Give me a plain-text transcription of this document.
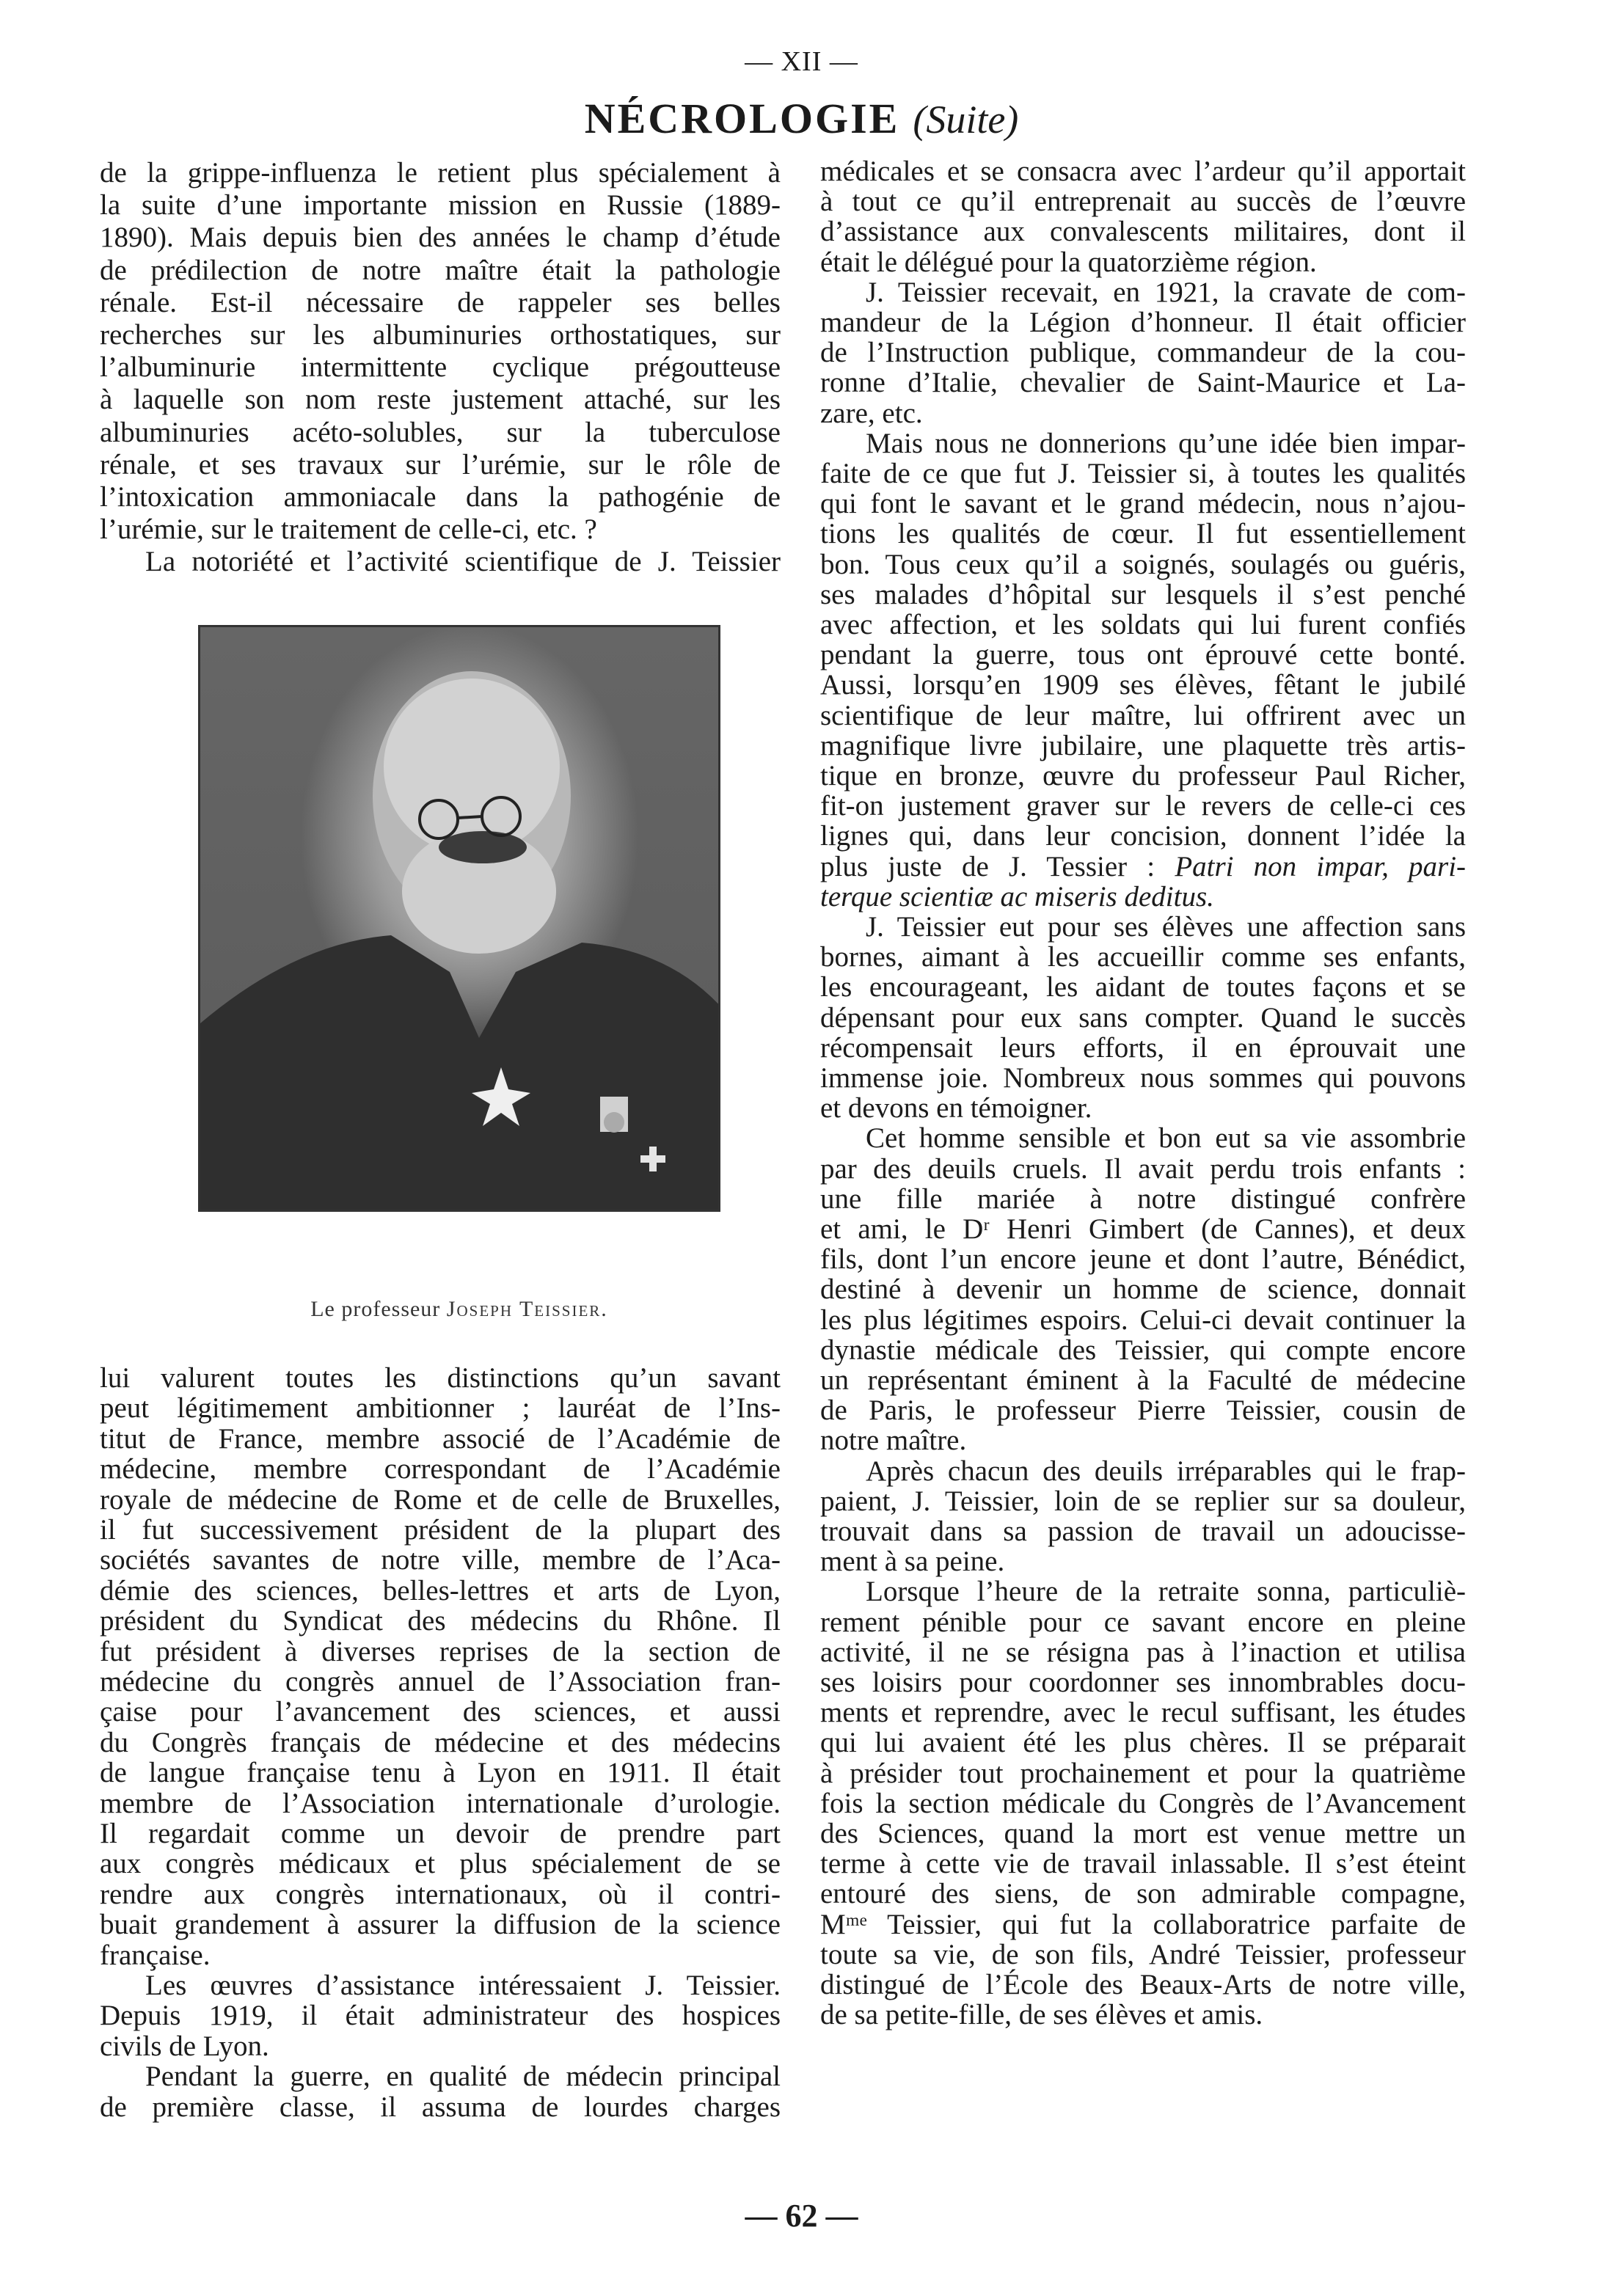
— XII —
NÉCROLOGIE (Suite)
de la grippe-influenza le retient plus spécialement à
la suite d’une importante mission en Russie (1889-
1890). Mais depuis bien des années le champ d’étude
de prédilection de notre maître était la pathologie
rénale. Est-il nécessaire de rappeler ses belles
recherches sur les albuminuries orthostatiques, sur
l’albuminurie intermittente cyclique prégoutteuse
à laquelle son nom reste justement attaché, sur les
albuminuries acéto-solubles, sur la tuberculose
rénale, et ses travaux sur l’urémie, sur le rôle de
l’intoxication ammoniacale dans la pathogénie de
l’urémie, sur le traitement de celle-ci, etc. ?
La notoriété et l’activité scientifique de J. Teissier
Le professeur Joseph Teissier.
lui valurent toutes les distinctions qu’un savant
peut légitimement ambitionner ; lauréat de l’Ins-
titut de France, membre associé de l’Académie de
médecine, membre correspondant de l’Académie
royale de médecine de Rome et de celle de Bruxelles,
il fut successivement président de la plupart des
sociétés savantes de notre ville, membre de l’Aca-
démie des sciences, belles-lettres et arts de Lyon,
président du Syndicat des médecins du Rhône. Il
fut président à diverses reprises de la section de
médecine du congrès annuel de l’Association fran-
çaise pour l’avancement des sciences, et aussi
du Congrès français de médecine et des médecins
de langue française tenu à Lyon en 1911. Il était
membre de l’Association internationale d’urologie.
Il regardait comme un devoir de prendre part
aux congrès médicaux et plus spécialement de se
rendre aux congrès internationaux, où il contri-
buait grandement à assurer la diffusion de la science
française.
Les œuvres d’assistance intéressaient J. Teissier.
Depuis 1919, il était administrateur des hospices
civils de Lyon.
Pendant la guerre, en qualité de médecin principal
de première classe, il assuma de lourdes charges
médicales et se consacra avec l’ardeur qu’il apportait
à tout ce qu’il entreprenait au succès de l’œuvre
d’assistance aux convalescents militaires, dont il
était le délégué pour la quatorzième région.
J. Teissier recevait, en 1921, la cravate de com-
mandeur de la Légion d’honneur. Il était officier
de l’Instruction publique, commandeur de la cou-
ronne d’Italie, chevalier de Saint-Maurice et La-
zare, etc.
Mais nous ne donnerions qu’une idée bien impar-
faite de ce que fut J. Teissier si, à toutes les qualités
qui font le savant et le grand médecin, nous n’ajou-
tions les qualités de cœur. Il fut essentiellement
bon. Tous ceux qu’il a soignés, soulagés ou guéris,
ses malades d’hôpital sur lesquels il s’est penché
avec affection, et les soldats qui lui furent confiés
pendant la guerre, tous ont éprouvé cette bonté.
Aussi, lorsqu’en 1909 ses élèves, fêtant le jubilé
scientifique de leur maître, lui offrirent avec un
magnifique livre jubilaire, une plaquette très artis-
tique en bronze, œuvre du professeur Paul Richer,
fit-on justement graver sur le revers de celle-ci ces
lignes qui, dans leur concision, donnent l’idée la
plus juste de J. Tessier : Patri non impar, pari-
terque scientiæ ac miseris deditus.
J. Teissier eut pour ses élèves une affection sans
bornes, aimant à les accueillir comme ses enfants,
les encourageant, les aidant de toutes façons et se
dépensant pour eux sans compter. Quand le succès
récompensait leurs efforts, il en éprouvait une
immense joie. Nombreux nous sommes qui pouvons
et devons en témoigner.
Cet homme sensible et bon eut sa vie assombrie
par des deuils cruels. Il avait perdu trois enfants :
une fille mariée à notre distingué confrère
et ami, le Dʳ Henri Gimbert (de Cannes), et deux
fils, dont l’un encore jeune et dont l’autre, Bénédict,
destiné à devenir un homme de science, donnait
les plus légitimes espoirs. Celui-ci devait continuer la
dynastie médicale des Teissier, qui compte encore
un représentant éminent à la Faculté de médecine
de Paris, le professeur Pierre Teissier, cousin de
notre maître.
Après chacun des deuils irréparables qui le frap-
paient, J. Teissier, loin de se replier sur sa douleur,
trouvait dans sa passion de travail un adoucisse-
ment à sa peine.
Lorsque l’heure de la retraite sonna, particuliè-
rement pénible pour ce savant encore en pleine
activité, il ne se résigna pas à l’inaction et utilisa
ses loisirs pour coordonner ses innombrables docu-
ments et reprendre, avec le recul suffisant, les études
qui lui avaient été les plus chères. Il se préparait
à présider tout prochainement et pour la quatrième
fois la section médicale du Congrès de l’Avancement
des Sciences, quand la mort est venue mettre un
terme à cette vie de travail inlassable. Il s’est éteint
entouré des siens, de son admirable compagne,
Mᵐᵉ Teissier, qui fut la collaboratrice parfaite de
toute sa vie, de son fils, André Teissier, professeur
distingué de l’École des Beaux-Arts de notre ville,
de sa petite-fille, de ses élèves et amis.
— 62 —
